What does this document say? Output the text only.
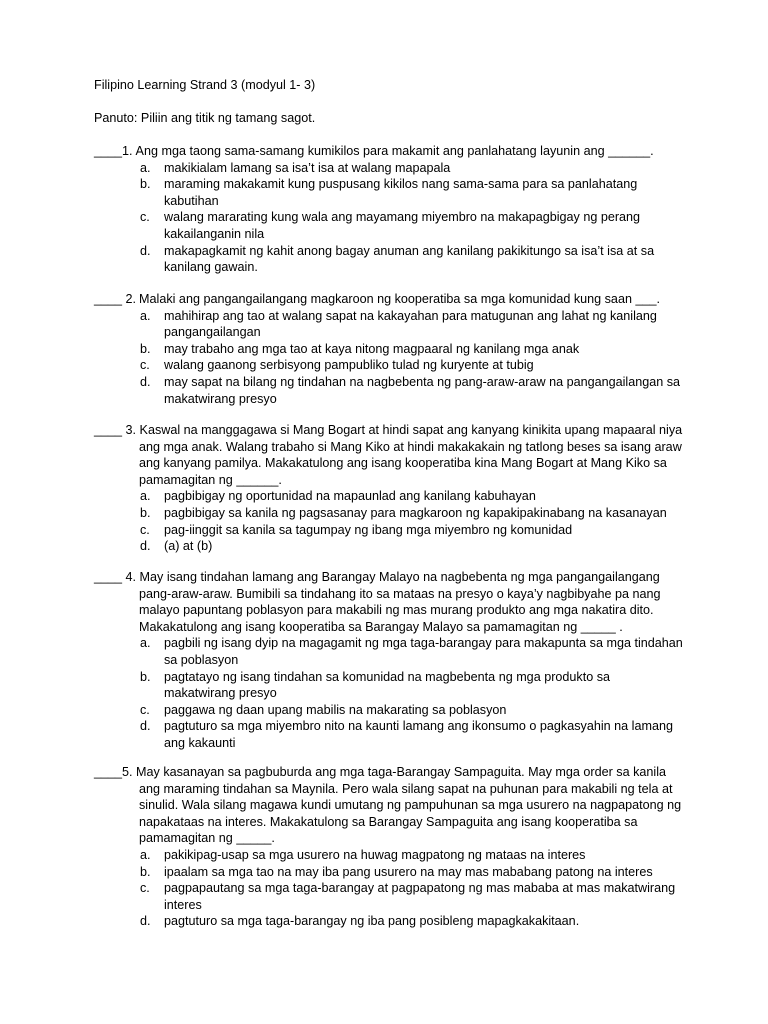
Filipino Learning Strand 3 (modyul 1- 3)
Panuto: Piliin ang titik ng tamang sagot.
____ 1. Ang mga taong sama-samang kumikilos para makamit ang panlahatang layunin ang ______.
a. makikialam lamang sa isa’t isa at walang mapapala
b. maraming makakamit kung puspusang kikilos nang sama-sama para sa panlahatang kabutihan
c. walang mararating kung wala ang mayamang miyembro na makapagbigay ng perang kakailanganin nila
d. makapagkamit ng kahit anong bagay anuman ang kanilang pakikitungo sa isa’t isa at sa kanilang gawain.
____ 2. Malaki ang pangangailangang magkaroon ng kooperatiba sa mga komunidad kung saan ___.
a. mahihirap ang tao at walang sapat na kakayahan para matugunan ang lahat ng kanilang pangangailangan
b. may trabaho ang mga tao at kaya nitong magpaaral ng kanilang mga anak
c. walang gaanong serbisyong pampubliko tulad ng kuryente at tubig
d. may sapat na bilang ng tindahan na nagbebenta ng pang-araw-araw na pangangailangan sa makatwirang presyo
____ 3. Kaswal na manggagawa si Mang Bogart at hindi sapat ang kanyang kinikita upang mapaaral niya ang mga anak. Walang trabaho si Mang Kiko at hindi makakakain ng tatlong beses sa isang araw ang kanyang pamilya. Makakatulong ang isang kooperatiba kina Mang Bogart at Mang Kiko sa pamamagitan ng ______.
a. pagbibigay ng oportunidad na mapaunlad ang kanilang kabuhayan
b. pagbibigay sa kanila ng pagsasanay para magkaroon ng kapakipakinabang na kasanayan
c. pag-iinggit sa kanila sa tagumpay ng ibang mga miyembro ng komunidad
d. (a) at (b)
____ 4. May isang tindahan lamang ang Barangay Malayo na nagbebenta ng mga pangangailangang pang-araw-araw. Bumibili sa tindahang ito sa mataas na presyo o kaya’y nagbibyahe pa nang malayo papuntang poblasyon para makabili ng mas murang produkto ang mga nakatira dito. Makakatulong ang isang kooperatiba sa Barangay Malayo sa pamamagitan ng _____ .
a. pagbili ng isang dyip na magagamit ng mga taga-barangay para makapunta sa mga tindahan sa poblasyon
b. pagtatayo ng isang tindahan sa komunidad na magbebenta ng mga produkto sa makatwirang presyo
c. paggawa ng daan upang mabilis na makarating sa poblasyon
d. pagtuturo sa mga miyembro nito na kaunti lamang ang ikonsumo o pagkasyahin na lamang ang kakaunti
____5. May kasanayan sa pagbuburda ang mga taga-Barangay Sampaguita. May mga order sa kanila ang maraming tindahan sa Maynila. Pero wala silang sapat na puhunan para makabili ng tela at sinulid. Wala silang magawa kundi umutang ng pampuhunan sa mga usurero na nagpapatong ng napakataas na interes. Makakatulong sa Barangay Sampaguita ang isang kooperatiba sa pamamagitan ng _____.
a. pakikipag-usap sa mga usurero na huwag magpatong ng mataas na interes
b. ipaalam sa mga tao na may iba pang usurero na may mas mababang patong na interes
c. pagpapautang sa mga taga-barangay at pagpapatong ng mas mababa at mas makatwirang interes
d. pagtuturo sa mga taga-barangay ng iba pang posibleng mapagkakakitaan.
